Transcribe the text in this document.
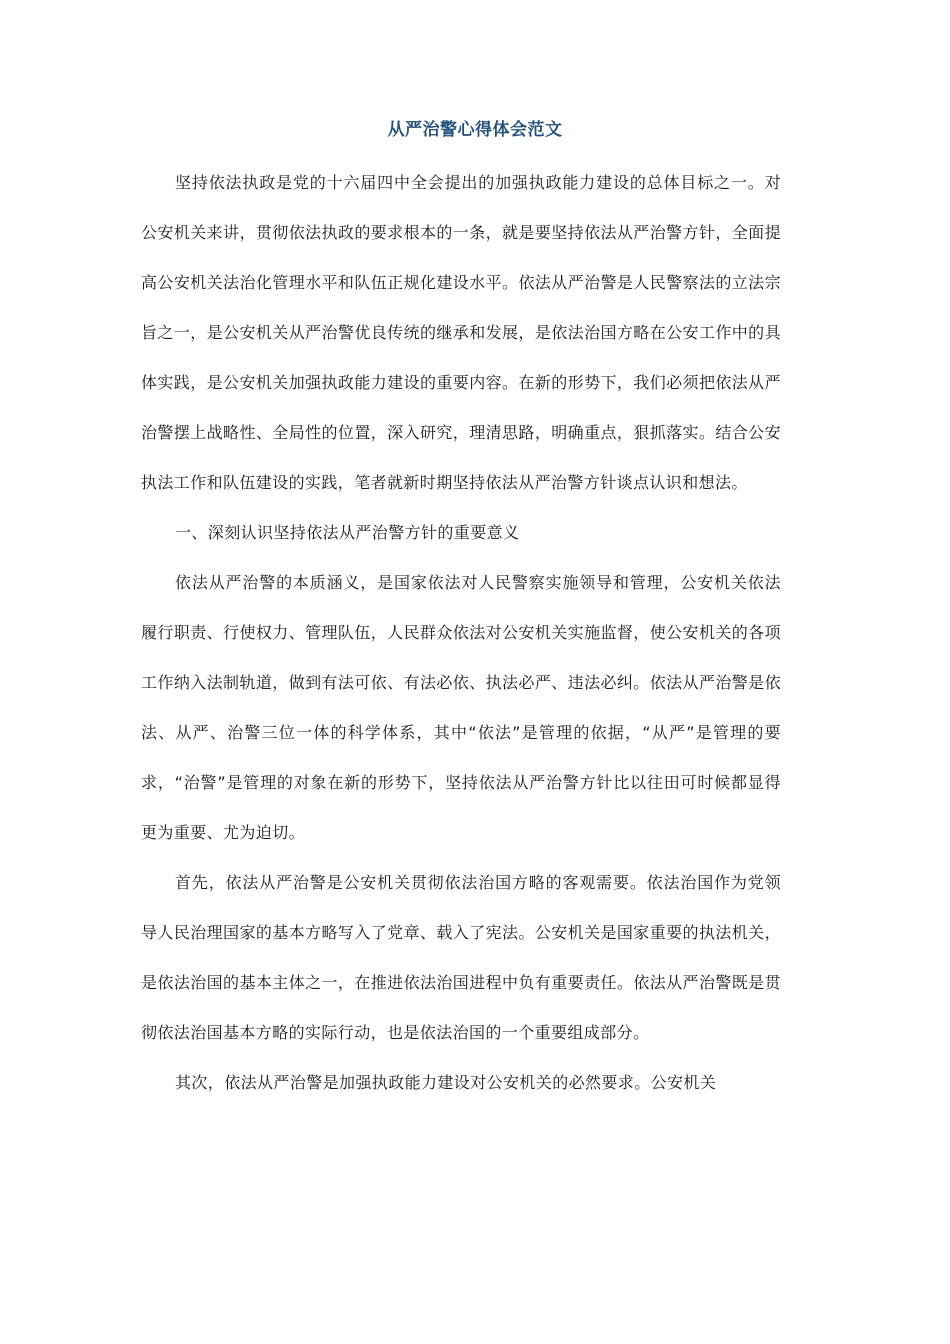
从严治警心得体会范文

坚持依法执政是党的十六届四中全会提出的加强执政能力建设的总体目标之一。对公安机关来讲，贯彻依法执政的要求根本的一条，就是要坚持依法从严治警方针，全面提高公安机关法治化管理水平和队伍正规化建设水平。依法从严治警是人民警察法的立法宗旨之一，是公安机关从严治警优良传统的继承和发展，是依法治国方略在公安工作中的具体实践，是公安机关加强执政能力建设的重要内容。在新的形势下，我们必须把依法从严治警摆上战略性、全局性的位置，深入研究，理清思路，明确重点，狠抓落实。结合公安执法工作和队伍建设的实践，笔者就新时期坚持依法从严治警方针谈点认识和想法。

一、深刻认识坚持依法从严治警方针的重要意义

依法从严治警的本质涵义，是国家依法对人民警察实施领导和管理，公安机关依法履行职责、行使权力、管理队伍，人民群众依法对公安机关实施监督，使公安机关的各项工作纳入法制轨道，做到有法可依、有法必依、执法必严、违法必纠。依法从严治警是依法、从严、治警三位一体的科学体系，其中“依法”是管理的依据，“从严”是管理的要求，“治警”是管理的对象在新的形势下，坚持依法从严治警方针比以往田可时候都显得更为重要、尤为迫切。

首先，依法从严治警是公安机关贯彻依法治国方略的客观需要。依法治国作为党领导人民治理国家的基本方略写入了党章、载入了宪法。公安机关是国家重要的执法机关，是依法治国的基本主体之一，在推进依法治国进程中负有重要责任。依法从严治警既是贯彻依法治国基本方略的实际行动，也是依法治国的一个重要组成部分。

其次，依法从严治警是加强执政能力建设对公安机关的必然要求。公安机关
